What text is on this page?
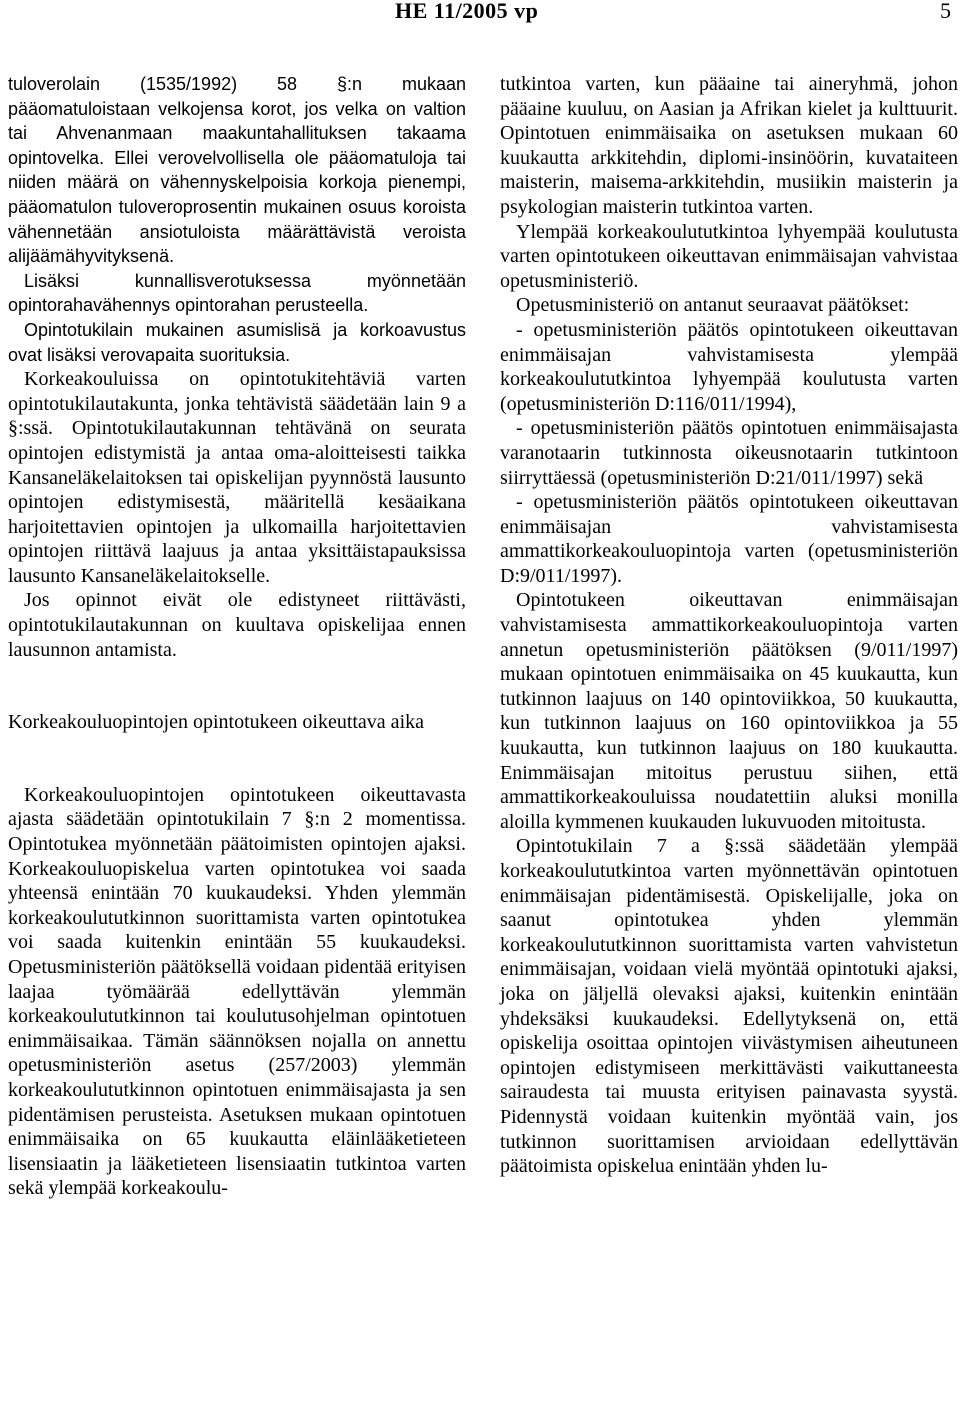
HE 11/2005 vp	5

tuloverolain (1535/1992) 58 §:n mukaan pääomatuloistaan velkojensa korot, jos velka on valtion tai Ahvenanmaan maakuntahallituksen takaama opintovelka. Ellei verovelvollisella ole pääomatuloja tai niiden määrä on vähennyskelpoisia korkoja pienempi, pääomatulon tuloveroprosentin mukainen osuus koroista vähennetään ansiotuloista määrättävistä veroista alijäämähyvityksenä.

Lisäksi kunnallisverotuksessa myönnetään opintorahavähennys opintorahan perusteella.

Opintotukilain mukainen asumislisä ja korkoavustus ovat lisäksi verovapaita suorituksia.

Korkeakouluissa on opintotukitehtäviä varten opintotukilautakunta, jonka tehtävistä säädetään lain 9 a §:ssä. Opintotukilautakunnan tehtävänä on seurata opintojen edistymistä ja antaa oma-aloitteisesti taikka Kansaneläkelaitoksen tai opiskelijan pyynnöstä lausunto opintojen edistymisestä, määritellä kesäaikana harjoitettavien opintojen ja ulkomailla harjoitettavien opintojen riittävä laajuus ja antaa yksittäistapauksissa lausunto Kansaneläkelaitokselle.

Jos opinnot eivät ole edistyneet riittävästi, opintotukilautakunnan on kuultava opiskelijaa ennen lausunnon antamista.

Korkeakouluopintojen opintotukeen oikeuttava aika

Korkeakouluopintojen opintotukeen oikeuttavasta ajasta säädetään opintotukilain 7 §:n 2 momentissa. Opintotukea myönnetään päätoimisten opintojen ajaksi. Korkeakouluopiskelua varten opintotukea voi saada yhteensä enintään 70 kuukaudeksi. Yhden ylemmän korkeakoulututkinnon suorittamista varten opintotukea voi saada kuitenkin enintään 55 kuukaudeksi. Opetusministeriön päätöksellä voidaan pidentää erityisen laajaa työmäärää edellyttävän ylemmän korkeakoulututkinnon tai koulutusohjelman opintotuen enimmäisaikaa. Tämän säännöksen nojalla on annettu opetusministeriön asetus (257/2003) ylemmän korkeakoulututkinnon opintotuen enimmäisajasta ja sen pidentämisen perusteista. Asetuksen mukaan opintotuen enimmäisaika on 65 kuukautta eläinlääketieteen lisensiaatin ja lääketieteen lisensiaatin tutkintoa varten sekä ylempää korkeakoulu-

tutkintoa varten, kun pääaine tai aineryhmä, johon pääaine kuuluu, on Aasian ja Afrikan kielet ja kulttuurit. Opintotuen enimmäisaika on asetuksen mukaan 60 kuukautta arkkitehdin, diplomi-insinöörin, kuvataiteen maisterin, maisema-arkkitehdin, musiikin maisterin ja psykologian maisterin tutkintoa varten.

Ylempää korkeakoulututkintoa lyhyempää koulutusta varten opintotukeen oikeuttavan enimmäisajan vahvistaa opetusministeriö.

Opetusministeriö on antanut seuraavat päätökset:

- opetusministeriön päätös opintotukeen oikeuttavan enimmäisajan vahvistamisesta ylempää korkeakoulututkintoa lyhyempää koulutusta varten (opetusministeriön D:116/011/1994),

- opetusministeriön päätös opintotuen enimmäisajasta varanotaarin tutkinnosta oikeusnotaarin tutkintoon siirryttäessä (opetusministeriön D:21/011/1997) sekä

- opetusministeriön päätös opintotukeen oikeuttavan enimmäisajan vahvistamisesta ammattikorkeakouluopintoja varten (opetusministeriön D:9/011/1997).

Opintotukeen oikeuttavan enimmäisajan vahvistamisesta ammattikorkeakouluopintoja varten annetun opetusministeriön päätöksen (9/011/1997) mukaan opintotuen enimmäisaika on 45 kuukautta, kun tutkinnon laajuus on 140 opintoviikkoa, 50 kuukautta, kun tutkinnon laajuus on 160 opintoviikkoa ja 55 kuukautta, kun tutkinnon laajuus on 180 kuukautta. Enimmäisajan mitoitus perustuu siihen, että ammattikorkeakouluissa noudatettiin aluksi monilla aloilla kymmenen kuukauden lukuvuoden mitoitusta.

Opintotukilain 7 a §:ssä säädetään ylempää korkeakoulututkintoa varten myönnettävän opintotuen enimmäisajan pidentämisestä. Opiskelijalle, joka on saanut opintotukea yhden ylemmän korkeakoulututkinnon suorittamista varten vahvistetun enimmäisajan, voidaan vielä myöntää opintotuki ajaksi, joka on jäljellä olevaksi ajaksi, kuitenkin enintään yhdeksäksi kuukaudeksi. Edellytyksenä on, että opiskelija osoittaa opintojen viivästymisen aiheutuneen opintojen edistymiseen merkittävästi vaikuttaneesta sairaudesta tai muusta erityisen painavasta syystä. Pidennystä voidaan kuitenkin myöntää vain, jos tutkinnon suorittamisen arvioidaan edellyttävän päätoimista opiskelua enintään yhden lu-
